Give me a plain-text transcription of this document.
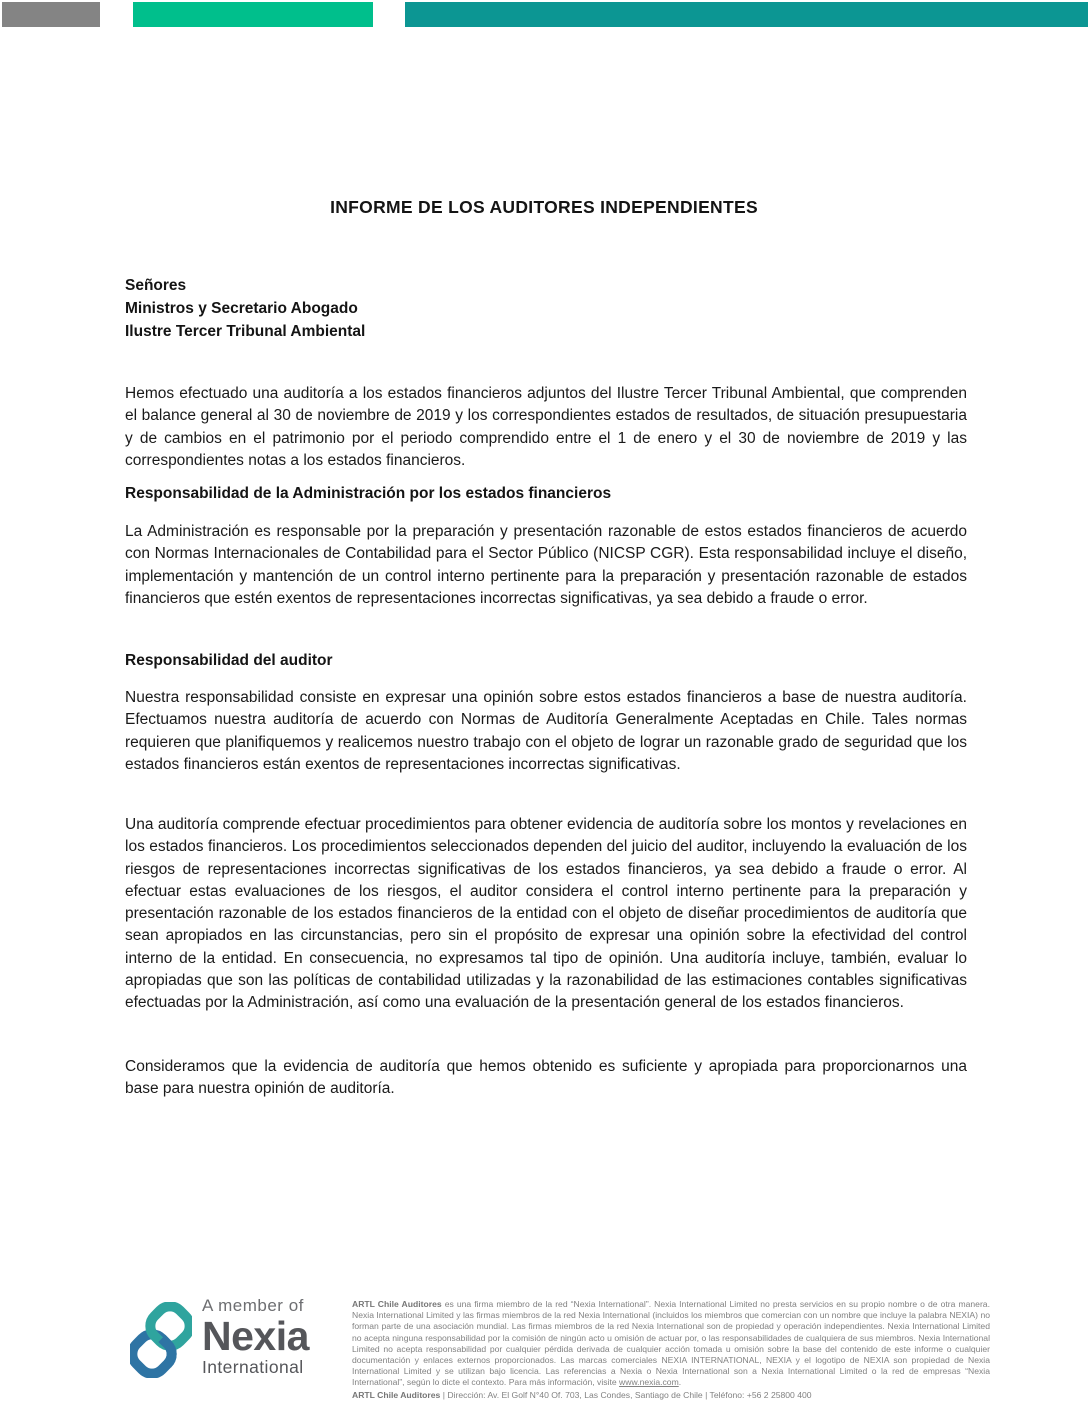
INFORME DE LOS AUDITORES INDEPENDIENTES
Señores
Ministros y Secretario Abogado
Ilustre Tercer Tribunal Ambiental

Hemos efectuado una auditoría a los estados financieros adjuntos del Ilustre Tercer Tribunal Ambiental, que comprenden el balance general al 30 de noviembre de 2019 y los correspondientes estados de resultados, de situación presupuestaria y de cambios en el patrimonio por el periodo comprendido entre el 1 de enero y el 30 de noviembre de 2019 y las correspondientes notas a los estados financieros.

Responsabilidad de la Administración por los estados financieros

La Administración es responsable por la preparación y presentación razonable de estos estados financieros de acuerdo con Normas Internacionales de Contabilidad para el Sector Público (NICSP CGR). Esta responsabilidad incluye el diseño, implementación y mantención de un control interno pertinente para la preparación y presentación razonable de estados financieros que estén exentos de representaciones incorrectas significativas, ya sea debido a fraude o error.

Responsabilidad del auditor

Nuestra responsabilidad consiste en expresar una opinión sobre estos estados financieros a base de nuestra auditoría. Efectuamos nuestra auditoría de acuerdo con Normas de Auditoría Generalmente Aceptadas en Chile. Tales normas requieren que planifiquemos y realicemos nuestro trabajo con el objeto de lograr un razonable grado de seguridad que los estados financieros están exentos de representaciones incorrectas significativas.

Una auditoría comprende efectuar procedimientos para obtener evidencia de auditoría sobre los montos y revelaciones en los estados financieros. Los procedimientos seleccionados dependen del juicio del auditor, incluyendo la evaluación de los riesgos de representaciones incorrectas significativas de los estados financieros, ya sea debido a fraude o error. Al efectuar estas evaluaciones de los riesgos, el auditor considera el control interno pertinente para la preparación y presentación razonable de los estados financieros de la entidad con el objeto de diseñar procedimientos de auditoría que sean apropiados en las circunstancias, pero sin el propósito de expresar una opinión sobre la efectividad del control interno de la entidad. En consecuencia, no expresamos tal tipo de opinión. Una auditoría incluye, también, evaluar lo apropiadas que son las políticas de contabilidad utilizadas y la razonabilidad de las estimaciones contables significativas efectuadas por la Administración, así como una evaluación de la presentación general de los estados financieros.

Consideramos que la evidencia de auditoría que hemos obtenido es suficiente y apropiada para proporcionarnos una base para nuestra opinión de auditoría.

A member of
Nexia
International
ARTL Chile Auditores es una firma miembro de la red “Nexia International”. Nexia International Limited no presta servicios en su propio nombre o de otra manera. Nexia International Limited y las firmas miembros de la red Nexia International (incluidos los miembros que comercian con un nombre que incluye la palabra NEXIA) no forman parte de una asociación mundial. Las firmas miembros de la red Nexia International son de propiedad y operación independientes. Nexia International Limited no acepta ninguna responsabilidad por la comisión de ningún acto u omisión de actuar por, o las responsabilidades de cualquiera de sus miembros. Nexia International Limited no acepta responsabilidad por cualquier pérdida derivada de cualquier acción tomada u omisión sobre la base del contenido de este informe o cualquier documentación y enlaces externos proporcionados. Las marcas comerciales NEXIA INTERNATIONAL, NEXIA y el logotipo de NEXIA son propiedad de Nexia International Limited y se utilizan bajo licencia. Las referencias a Nexia o Nexia International son a Nexia International Limited o la red de empresas “Nexia International”, según lo dicte el contexto. Para más información, visite www.nexia.com.
ARTL Chile Auditores | Dirección: Av. El Golf N°40 Of. 703, Las Condes, Santiago de Chile | Teléfono: +56 2 25800 400
